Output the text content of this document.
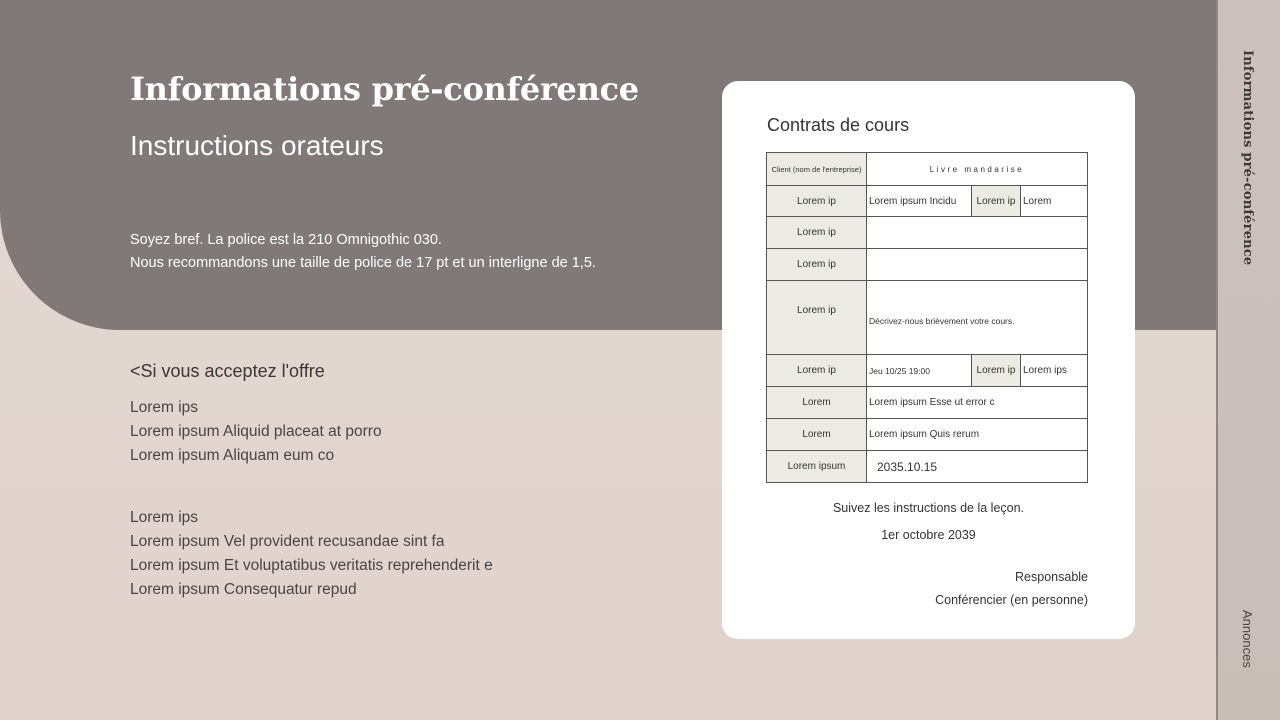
Informations pré-conférence
Instructions orateurs
Soyez bref. La police est la 210 Omnigothic 030.
Nous recommandons une taille de police de 17 pt et un interligne de 1,5.
<Si vous acceptez l'offre
Lorem ips
Lorem ipsum Aliquid placeat at porro
Lorem ipsum Aliquam eum co
Lorem ips
Lorem ipsum Vel provident recusandae sint fa
Lorem ipsum Et voluptatibus veritatis reprehenderit e
Lorem ipsum Consequatur repud
Contrats de cours
Client (nom de l'entreprise)	Livre mandarise		
Lorem ip	Lorem ipsum Incidu	Lorem ip	Lorem
Lorem ip			
Lorem ip			
Lorem ip	Décrivez-nous brièvement votre cours.		
Lorem ip	Jeu 10/25 19:00	Lorem ip	Lorem ips
Lorem	Lorem ipsum Esse ut error c		
Lorem	Lorem ipsum Quis rerum		
Lorem ipsum	2035.10.15		
Suivez les instructions de la leçon.
1er octobre 2039
Responsable
Conférencier (en personne)
Informations pré-conférence
Annonces
